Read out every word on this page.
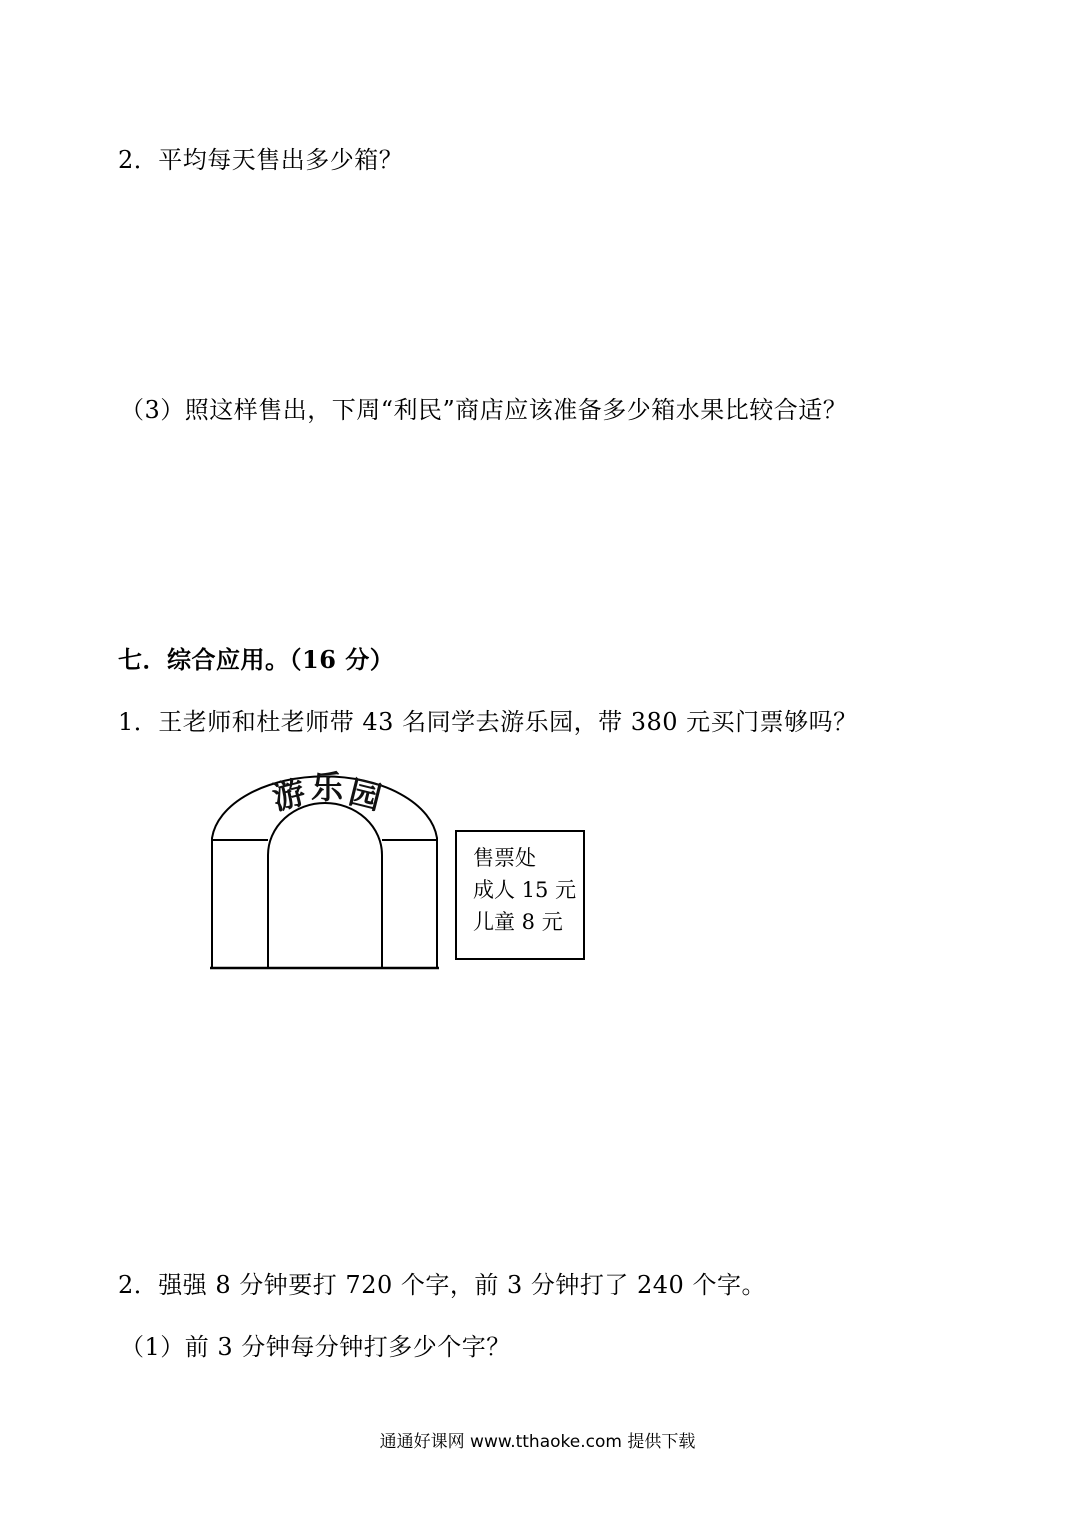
2．平均每天售出多少箱？
（3）照这样售出，下周“利民”商店应该准备多少箱水果比较合适？
七．综合应用。（16 分）
1．王老师和杜老师带 43 名同学去游乐园，带 380 元买门票够吗？
游 乐 园
售票处
成人 15 元
儿童 8 元
2．强强 8 分钟要打 720 个字，前 3 分钟打了 240 个字。
（1）前 3 分钟每分钟打多少个字？
通通好课网 www.tthaoke.com 提供下载
